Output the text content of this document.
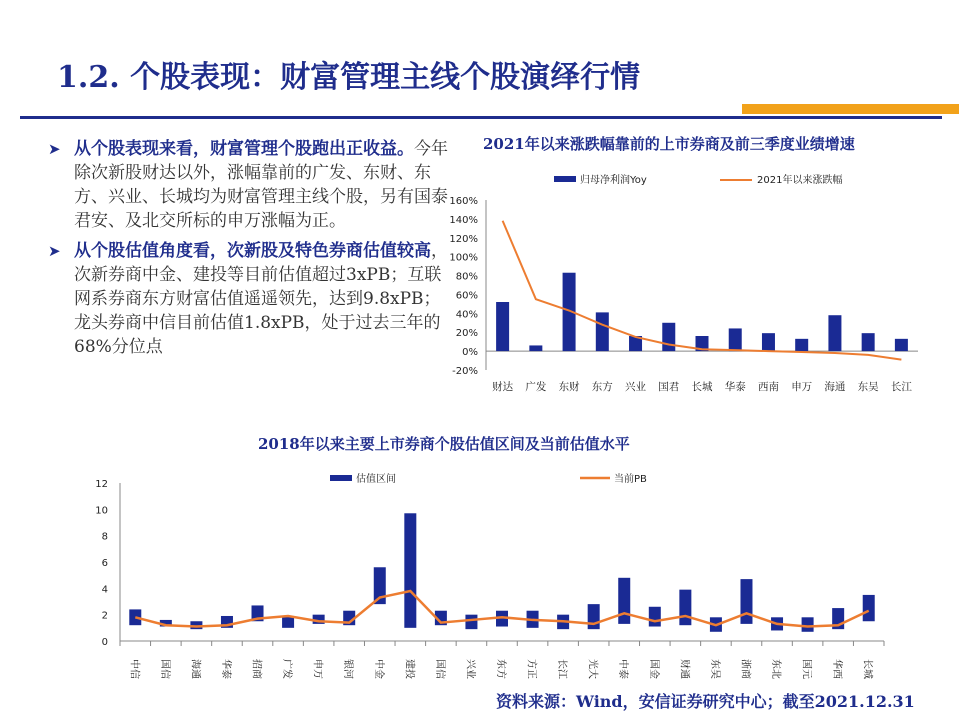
1.2. 个股表现：财富管理主线个股演绎行情
➤ 从个股表现来看，财富管理个股跑出正收益。今年除次新股财达以外，涨幅靠前的广发、东财、东方、兴业、长城均为财富管理主线个股，另有国泰君安、及北交所标的申万涨幅为正。
➤ 从个股估值角度看，次新股及特色券商估值较高，次新券商中金、建投等目前估值超过3xPB；互联网系券商东方财富估值遥遥领先，达到9.8xPB；龙头券商中信目前估值1.8xPB，处于过去三年的68%分位点
2021年以来涨跌幅靠前的上市券商及前三季度业绩增速
2018年以来主要上市券商个股估值区间及当前估值水平
160%
140%
120%
100%
80%
60%
40%
20%
0%
-20%
财达 广发 东财 东方 兴业 国君 长城 华泰 西南 申万 海通 东吴 长江
归母净利润Yoy	2021年以来涨跌幅
12
10
8
6
4
2
0
中信 国信 海通 华泰 招商 广发 申万 银河 中金 建投 国信 兴业 东方 方正 长江 光大 中泰 国金 财通 东吴 浙商 东北 国元 华西 长城
估值区间	当前PB
资料来源：Wind，安信证券研究中心；截至2021.12.31
